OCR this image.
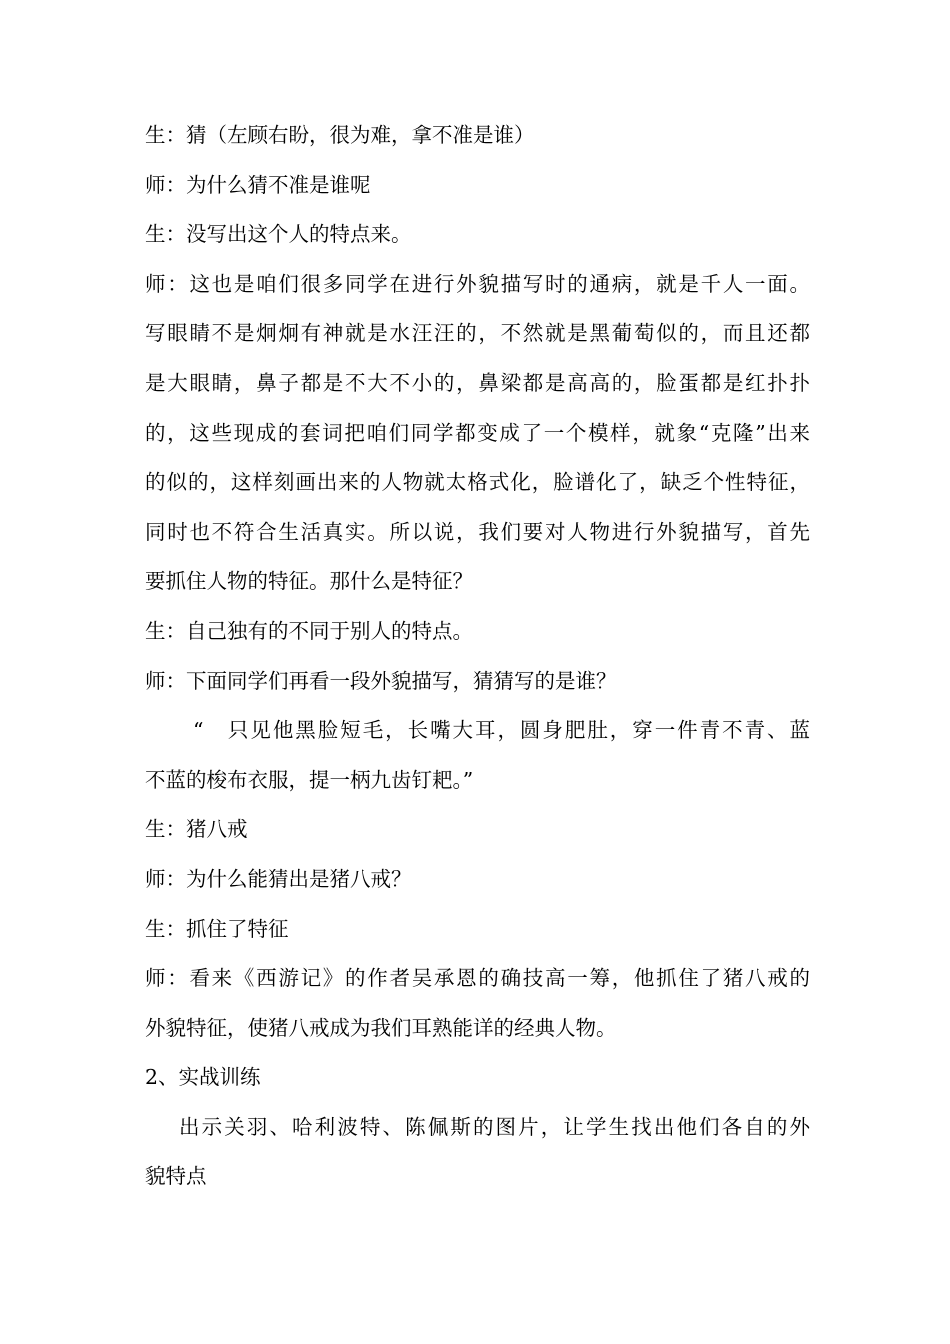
生：猜（左顾右盼，很为难，拿不准是谁）
师：为什么猜不准是谁呢
生：没写出这个人的特点来。
师：这也是咱们很多同学在进行外貌描写时的通病，就是千人一面。
写眼睛不是炯炯有神就是水汪汪的，不然就是黑葡萄似的，而且还都
是大眼睛，鼻子都是不大不小的，鼻梁都是高高的，脸蛋都是红扑扑
的，这些现成的套词把咱们同学都变成了一个模样，就象“克隆”出来
的似的，这样刻画出来的人物就太格式化，脸谱化了，缺乏个性特征，
同时也不符合生活真实。所以说，我们要对人物进行外貌描写，首先
要抓住人物的特征。那什么是特征？
生：自己独有的不同于别人的特点。
师：下面同学们再看一段外貌描写，猜猜写的是谁？
“　只见他黑脸短毛，长嘴大耳，圆身肥肚，穿一件青不青、蓝
不蓝的梭布衣服，提一柄九齿钉耙。”
生：猪八戒
师：为什么能猜出是猪八戒？
生：抓住了特征
师：看来《西游记》的作者吴承恩的确技高一筹，他抓住了猪八戒的
外貌特征，使猪八戒成为我们耳熟能详的经典人物。
2、实战训练
出示关羽、哈利波特、陈佩斯的图片，让学生找出他们各自的外
貌特点
